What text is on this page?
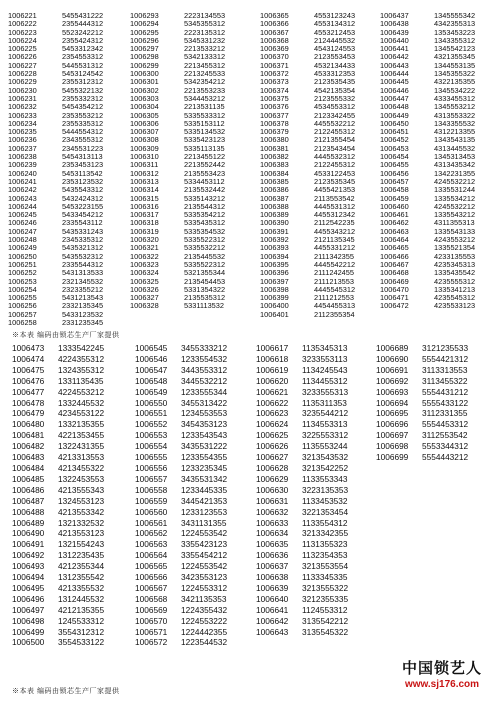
1006221	5455431222
1006222	2355444312
1006223	5523242212
1006224	2355424312
1006225	5453312342
1006226	2354553312
1006227	5445531312
1006228	5453124542
1006229	2355312312
1006230	5455322132
1006231	2355332312
1006232	5454354212
1006233	2353553212
1006234	2355335312
1006235	5444554312
1006236	2343555312
1006237	2345531223
1006238	5454313113
1006239	2353453123
1006240	5453113542
1006241	2353123532
1006242	5435543312
1006243	5432424312
1006244	5453223155
1006245	5433454212
1006246	2335543112
1006247	5435331243
1006248	2345335312
1006249	5435321312
1006250	5435532312
1006251	2335544312
1006252	5431313533
1006253	2321345532
1006254	2323355212
1006255	5431213543
1006256	2332135345
1006257	5433123532
1006258	2331235345
1006293	2223134553
1006294	5345355312
1006295	2223135312
1006296	5345331232
1006297	2213533212
1006298	5342133312
1006299	2213455312
1006300	2213245533
1006301	5342354212
1006302	2213553233
1006303	5344453212
1006304	2213531135
1006305	5335533312
1006306	5335153112
1006307	5335134532
1006308	5335423123
1006309	5335113135
1006310	2213455122
1006311	2213552442
1006312	2135553423
1006313	5334453112
1006314	2135532442
1006315	5335143212
1006316	2135544312
1006317	5335354212
1006318	5335435312
1006319	5335354532
1006320	5335522312
1006321	5335532212
1006322	2135445532
1006323	5335522312
1006324	5321355344
1006325	2135454453
1006326	5331354322
1006327	2135535312
1006328	5331113532
1006365	4553123243
1006366	4553134312
1006367	4553212453
1006368	2124445532
1006369	4543124553
1006370	2123553453
1006371	4532134433
1006372	4533312353
1006373	2123535435
1006374	4542135354
1006375	2123555332
1006376	4534553312
1006377	2123342455
1006378	4455532212
1006379	2122455312
1006380	2121355454
1006381	2123543454
1006382	4445532312
1006383	2122455312
1006384	4533122453
1006385	2123535345
1006386	4455421353
1006387	2113553542
1006388	4445531312
1006389	4455312342
1006390	2112542235
1006391	4455343212
1006392	2121135345
1006393	4455331212
1006394	2111342355
1006395	4445542212
1006396	2111242455
1006397	2111213553
1006398	4445545312
1006399	2111212553
1006400	4454455313
1006401	2112355354
1006437	1345555342
1006438	4342355313
1006439	1353453223
1006440	1343355312
1006441	1345542123
1006442	4321355345
1006443	1344553135
1006444	1345355322
1006445	4322135355
1006446	1345534222
1006447	4333455312
1006448	1345553212
1006449	4313553322
1006450	1343355532
1006451	4312213355
1006452	1343543135
1006453	4313445532
1006454	1345313453
1006455	4313435342
1006456	1342231355
1006457	4245532212
1006458	1335531244
1006459	1335534212
1006460	4245532212
1006461	1335543212
1006462	4311355313
1006463	1335543133
1006464	4243553212
1006465	1335521354
1006466	4233135553
1006467	4235345313
1006468	1335435542
1006469	4235555312
1006470	1335341213
1006471	4235545312
1006472	4235533123
※本表 编码由锁芯生产厂家提供
1006473 1333542245
1006474 4224355312
1006475 1324355312
1006476 1331135435
1006477 4224553212
1006478 1332445532
1006479 4234553122
1006480 1332135355
1006481 4221353455
1006482 1322431355
1006483 4213313553
1006484 4213455322
1006485 1322453553
1006486 4213555343
1006487 1324553123
1006488 4213553342
1006489 1321332532
1006490 4213553123
1006491 1321554243
1006492 1312235435
1006493 4212355344
1006494 1312355542
1006495 4213355532
1006496 1312445532
1006497 4212135355
1006498 1245533312
1006499 3554312312
1006500 3554533122
1006545 3455333212
1006546 1233554532
1006547 3443553312
1006548 3445532212
1006549 1233555344
1006550 3455313422
1006551 1234553553
1006552 3454353123
1006553 1233543543
1006554 3435531222
1006555 1233554355
1006556 1233235345
1006557 3435531342
1006558 1233445335
1006559 3445421353
1006560 1233123553
1006561 3431131355
1006562 1224553542
1006563 3355423123
1006564 3355454212
1006565 1224553542
1006566 3423553123
1006567 1224553312
1006568 3421135353
1006569 1224355432
1006570 1224553222
1006571 1224442355
1006572 1223544532
1006617 1135345313
1006618 3233553113
1006619 1134245543
1006620 1134455312
1006621 3233555313
1006622 1135311353
1006623 3235544212
1006624 1134553313
1006625 3225553312
1006626 1135553244
1006627 3213543532
1006628 3213542252
1006629 1133553343
1006630 3223135353
1006631 1133453532
1006632 3221353454
1006633 1133554312
1006634 3213342355
1006635 1131355323
1006636 1132354353
1006637 3213553554
1006638 1133345335
1006639 3213555322
1006640 3212355335
1006641 1124553312
1006642 3135542212
1006643 3135545322
1006689 3121235533
1006690 5554421312
1006691 3113313553
1006692 3113455322
1006693 5554431212
1006694 5555433122
1006695 3112331355
1006696 5554453312
1006697 3112553542
1006698 5553344312
1006699 5554443212
※本表 编码由锁芯生产厂家提供
中国锁艺人
www.sj176.com
